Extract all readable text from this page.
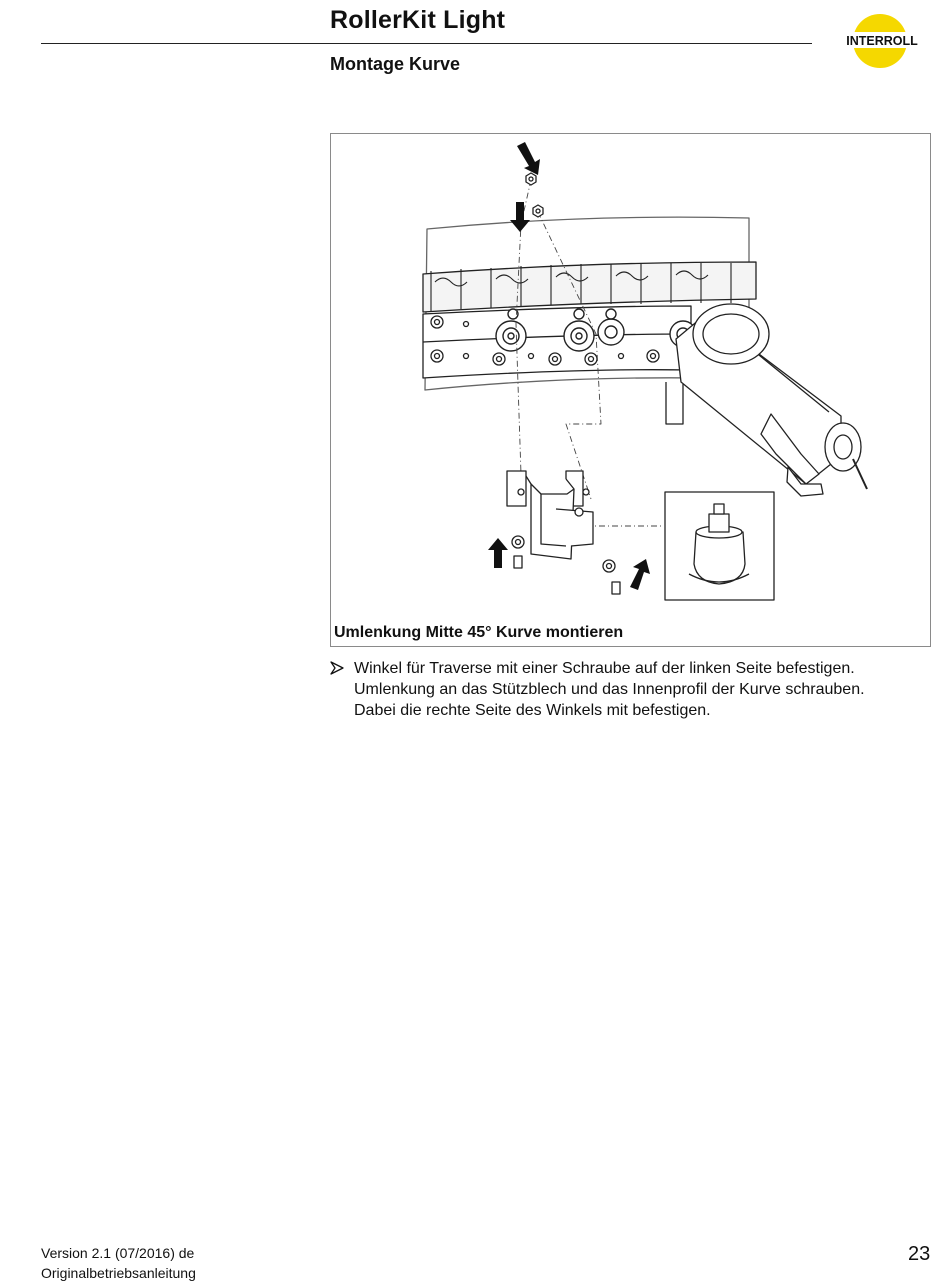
RollerKit Light
INTERROLL
Montage Kurve
Umlenkung Mitte 45° Kurve montieren
Winkel für Traverse mit einer Schraube auf der linken Seite befestigen.
Umlenkung an das Stützblech und das Innenprofil der Kurve schrauben.
Dabei die rechte Seite des Winkels mit befestigen.
Version 2.1 (07/2016) de
Originalbetriebsanleitung
23
